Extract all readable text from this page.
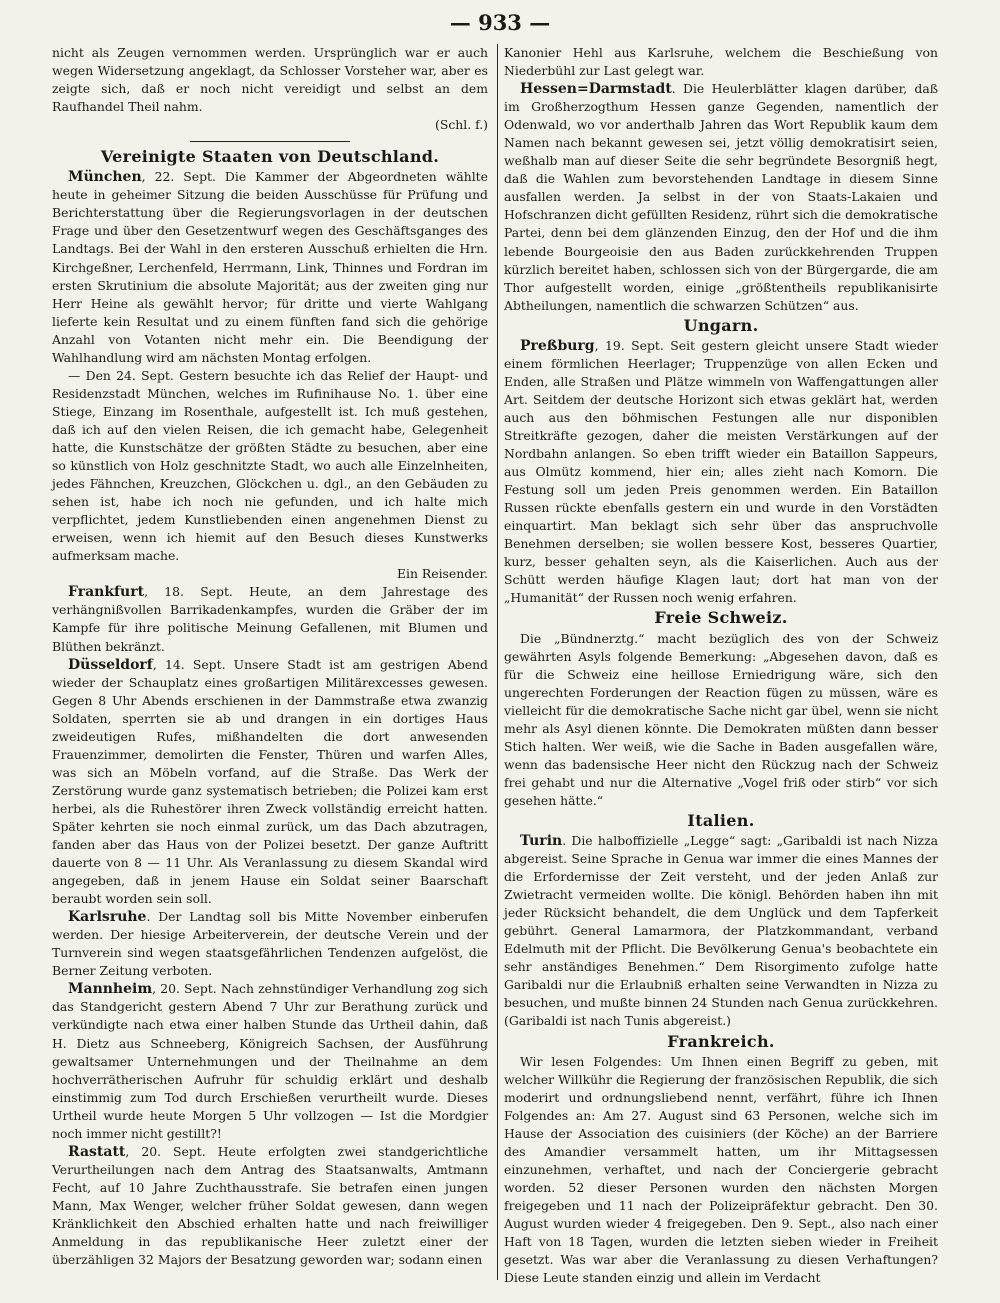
— 933 —

nicht als Zeugen vernommen werden. Ursprünglich war er auch wegen Widersetzung angeklagt, da Schlosser Vorsteher war, aber es zeigte sich, daß er noch nicht vereidigt und selbst an dem Raufhandel Theil nahm.

(Schl. f.)

Vereinigte Staaten von Deutschland.

München, 22. Sept. Die Kammer der Abgeordneten wählte heute in geheimer Sitzung die beiden Ausschüsse für Prüfung und Berichterstattung über die Regierungsvorlagen in der deutschen Frage und über den Gesetzentwurf wegen des Geschäftsganges des Landtags. Bei der Wahl in den ersteren Ausschuß erhielten die Hrn. Kirchgeßner, Lerchenfeld, Herrmann, Link, Thinnes und Fordran im ersten Skrutinium die absolute Majorität; aus der zweiten ging nur Herr Heine als gewählt hervor; für dritte und vierte Wahlgang lieferte kein Resultat und zu einem fünften fand sich die gehörige Anzahl von Votanten nicht mehr ein. Die Beendigung der Wahlhandlung wird am nächsten Montag erfolgen.

— Den 24. Sept. Gestern besuchte ich das Relief der Haupt- und Residenzstadt München, welches im Rufinihause No. 1. über eine Stiege, Einzang im Rosenthale, aufgestellt ist. Ich muß gestehen, daß ich auf den vielen Reisen, die ich gemacht habe, Gelegenheit hatte, die Kunstschätze der größten Städte zu besuchen, aber eine so künstlich von Holz geschnitzte Stadt, wo auch alle Einzelnheiten, jedes Fähnchen, Kreuzchen, Glöckchen u. dgl., an den Gebäuden zu sehen ist, habe ich noch nie gefunden, und ich halte mich verpflichtet, jedem Kunstliebenden einen angenehmen Dienst zu erweisen, wenn ich hiemit auf den Besuch dieses Kunstwerks aufmerksam mache.

Ein Reisender.

Frankfurt, 18. Sept. Heute, an dem Jahrestage des verhängnißvollen Barrikadenkampfes, wurden die Gräber der im Kampfe für ihre politische Meinung Gefallenen, mit Blumen und Blüthen bekränzt.

Düsseldorf, 14. Sept. Unsere Stadt ist am gestrigen Abend wieder der Schauplatz eines großartigen Militärexcesses gewesen. Gegen 8 Uhr Abends erschienen in der Dammstraße etwa zwanzig Soldaten, sperrten sie ab und drangen in ein dortiges Haus zweideutigen Rufes, mißhandelten die dort anwesenden Frauenzimmer, demolirten die Fenster, Thüren und warfen Alles, was sich an Möbeln vorfand, auf die Straße. Das Werk der Zerstörung wurde ganz systematisch betrieben; die Polizei kam erst herbei, als die Ruhestörer ihren Zweck vollständig erreicht hatten. Später kehrten sie noch einmal zurück, um das Dach abzutragen, fanden aber das Haus von der Polizei besetzt. Der ganze Auftritt dauerte von 8 — 11 Uhr. Als Veranlassung zu diesem Skandal wird angegeben, daß in jenem Hause ein Soldat seiner Baarschaft beraubt worden sein soll.

Karlsruhe. Der Landtag soll bis Mitte November einberufen werden. Der hiesige Arbeiterverein, der deutsche Verein und der Turnverein sind wegen staatsgefährlichen Tendenzen aufgelöst, die Berner Zeitung verboten.

Mannheim, 20. Sept. Nach zehnstündiger Verhandlung zog sich das Standgericht gestern Abend 7 Uhr zur Berathung zurück und verkündigte nach etwa einer halben Stunde das Urtheil dahin, daß H. Dietz aus Schneeberg, Königreich Sachsen, der Ausführung gewaltsamer Unternehmungen und der Theilnahme an dem hochverrätherischen Aufruhr für schuldig erklärt und deshalb einstimmig zum Tod durch Erschießen verurtheilt wurde. Dieses Urtheil wurde heute Morgen 5 Uhr vollzogen — Ist die Mordgier noch immer nicht gestillt?!

Rastatt, 20. Sept. Heute erfolgten zwei standgerichtliche Verurtheilungen nach dem Antrag des Staatsanwalts, Amtmann Fecht, auf 10 Jahre Zuchthausstrafe. Sie betrafen einen jungen Mann, Max Wenger, welcher früher Soldat gewesen, dann wegen Kränklichkeit den Abschied erhalten hatte und nach freiwilliger Anmeldung in das republikanische Heer zuletzt einer der überzähligen 32 Majors der Besatzung geworden war; sodann einen

Kanonier Hehl aus Karlsruhe, welchem die Beschießung von Niederbühl zur Last gelegt war.

Hessen=Darmstadt. Die Heulerblätter klagen darüber, daß im Großherzogthum Hessen ganze Gegenden, namentlich der Odenwald, wo vor anderthalb Jahren das Wort Republik kaum dem Namen nach bekannt gewesen sei, jetzt völlig demokratisirt seien, weßhalb man auf dieser Seite die sehr begründete Besorgniß hegt, daß die Wahlen zum bevorstehenden Landtage in diesem Sinne ausfallen werden. Ja selbst in der von Staats-Lakaien und Hofschranzen dicht gefüllten Residenz, rührt sich die demokratische Partei, denn bei dem glänzenden Einzug, den der Hof und die ihm lebende Bourgeoisie den aus Baden zurückkehrenden Truppen kürzlich bereitet haben, schlossen sich von der Bürgergarde, die am Thor aufgestellt worden, einige „größtentheils republikanisirte Abtheilungen, namentlich die schwarzen Schützen“ aus.

Ungarn.

Preßburg, 19. Sept. Seit gestern gleicht unsere Stadt wieder einem förmlichen Heerlager; Truppenzüge von allen Ecken und Enden, alle Straßen und Plätze wimmeln von Waffengattungen aller Art. Seitdem der deutsche Horizont sich etwas geklärt hat, werden auch aus den böhmischen Festungen alle nur disponiblen Streitkräfte gezogen, daher die meisten Verstärkungen auf der Nordbahn anlangen. So eben trifft wieder ein Bataillon Sappeurs, aus Olmütz kommend, hier ein; alles zieht nach Komorn. Die Festung soll um jeden Preis genommen werden. Ein Bataillon Russen rückte ebenfalls gestern ein und wurde in den Vorstädten einquartirt. Man beklagt sich sehr über das anspruchvolle Benehmen derselben; sie wollen bessere Kost, besseres Quartier, kurz, besser gehalten seyn, als die Kaiserlichen. Auch aus der Schütt werden häufige Klagen laut; dort hat man von der „Humanität“ der Russen noch wenig erfahren.

Freie Schweiz.

Die „Bündnerztg.“ macht bezüglich des von der Schweiz gewährten Asyls folgende Bemerkung: „Abgesehen davon, daß es für die Schweiz eine heillose Erniedrigung wäre, sich den ungerechten Forderungen der Reaction fügen zu müssen, wäre es vielleicht für die demokratische Sache nicht gar übel, wenn sie nicht mehr als Asyl dienen könnte. Die Demokraten müßten dann besser Stich halten. Wer weiß, wie die Sache in Baden ausgefallen wäre, wenn das badensische Heer nicht den Rückzug nach der Schweiz frei gehabt und nur die Alternative „Vogel friß oder stirb“ vor sich gesehen hätte.“

Italien.

Turin. Die halboffizielle „Legge“ sagt: „Garibaldi ist nach Nizza abgereist. Seine Sprache in Genua war immer die eines Mannes der die Erfordernisse der Zeit versteht, und der jeden Anlaß zur Zwietracht vermeiden wollte. Die königl. Behörden haben ihn mit jeder Rücksicht behandelt, die dem Unglück und dem Tapferkeit gebührt. General Lamarmora, der Platzkommandant, verband Edelmuth mit der Pflicht. Die Bevölkerung Genua's beobachtete ein sehr anständiges Benehmen.“ Dem Risorgimento zufolge hatte Garibaldi nur die Erlaubniß erhalten seine Verwandten in Nizza zu besuchen, und mußte binnen 24 Stunden nach Genua zurückkehren. (Garibaldi ist nach Tunis abgereist.)

Frankreich.

Wir lesen Folgendes: Um Ihnen einen Begriff zu geben, mit welcher Willkühr die Regierung der französischen Republik, die sich moderirt und ordnungsliebend nennt, verfährt, führe ich Ihnen Folgendes an: Am 27. August sind 63 Personen, welche sich im Hause der Association des cuisiniers (der Köche) an der Barriere des Amandier versammelt hatten, um ihr Mittagsessen einzunehmen, verhaftet, und nach der Conciergerie gebracht worden. 52 dieser Personen wurden den nächsten Morgen freigegeben und 11 nach der Polizeipräfektur gebracht. Den 30. August wurden wieder 4 freigegeben. Den 9. Sept., also nach einer Haft von 18 Tagen, wurden die letzten sieben wieder in Freiheit gesetzt. Was war aber die Veranlassung zu diesen Verhaftungen? Diese Leute standen einzig und allein im Verdacht
